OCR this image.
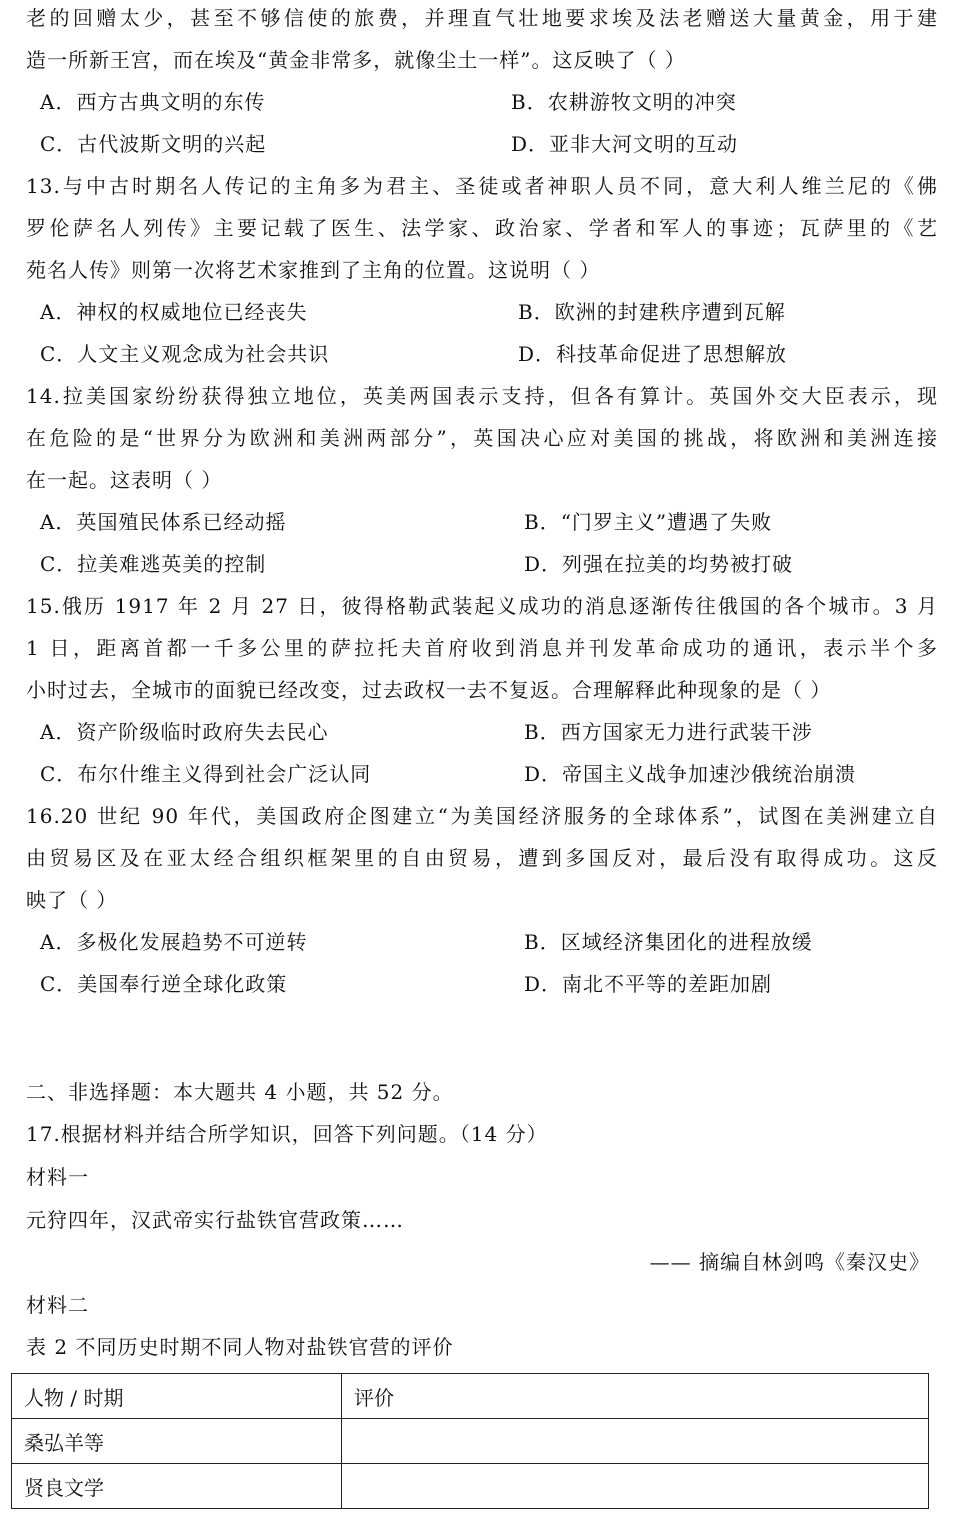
老的回赠太少，甚至不够信使的旅费，并理直气壮地要求埃及法老赠送大量黄金，用于建
造一所新王宫，而在埃及“黄金非常多，就像尘土一样”。这反映了（ ）
A．西方古典文明的东传	B．农耕游牧文明的冲突
C．古代波斯文明的兴起	D．亚非大河文明的互动
13.与中古时期名人传记的主角多为君主、圣徒或者神职人员不同，意大利人维兰尼的《佛
罗伦萨名人列传》主要记载了医生、法学家、政治家、学者和军人的事迹；瓦萨里的《艺
苑名人传》则第一次将艺术家推到了主角的位置。这说明（ ）
A．神权的权威地位已经丧失	B．欧洲的封建秩序遭到瓦解
C．人文主义观念成为社会共识	D．科技革命促进了思想解放
14.拉美国家纷纷获得独立地位，英美两国表示支持，但各有算计。英国外交大臣表示，现
在危险的是“世界分为欧洲和美洲两部分”，英国决心应对美国的挑战，将欧洲和美洲连接
在一起。这表明（ ）
A．英国殖民体系已经动摇	B．“门罗主义”遭遇了失败
C．拉美难逃英美的控制	D．列强在拉美的均势被打破
15.俄历 1917 年 2 月 27 日，彼得格勒武装起义成功的消息逐渐传往俄国的各个城市。3 月
1 日，距离首都一千多公里的萨拉托夫首府收到消息并刊发革命成功的通讯，表示半个多
小时过去，全城市的面貌已经改变，过去政权一去不复返。合理解释此种现象的是（ ）
A．资产阶级临时政府失去民心	B．西方国家无力进行武装干涉
C．布尔什维主义得到社会广泛认同	D．帝国主义战争加速沙俄统治崩溃
16.20 世纪 90 年代，美国政府企图建立“为美国经济服务的全球体系”，试图在美洲建立自
由贸易区及在亚太经合组织框架里的自由贸易，遭到多国反对，最后没有取得成功。这反
映了（ ）
A．多极化发展趋势不可逆转	B．区域经济集团化的进程放缓
C．美国奉行逆全球化政策	D．南北不平等的差距加剧
二、非选择题：本大题共 4 小题，共 52 分。
17.根据材料并结合所学知识，回答下列问题。（14 分）
材料一
元狩四年，汉武帝实行盐铁官营政策……
—— 摘编自林剑鸣《秦汉史》
材料二
表 2 不同历史时期不同人物对盐铁官营的评价
人物 / 时期	评价
桑弘羊等	
贤良文学	
